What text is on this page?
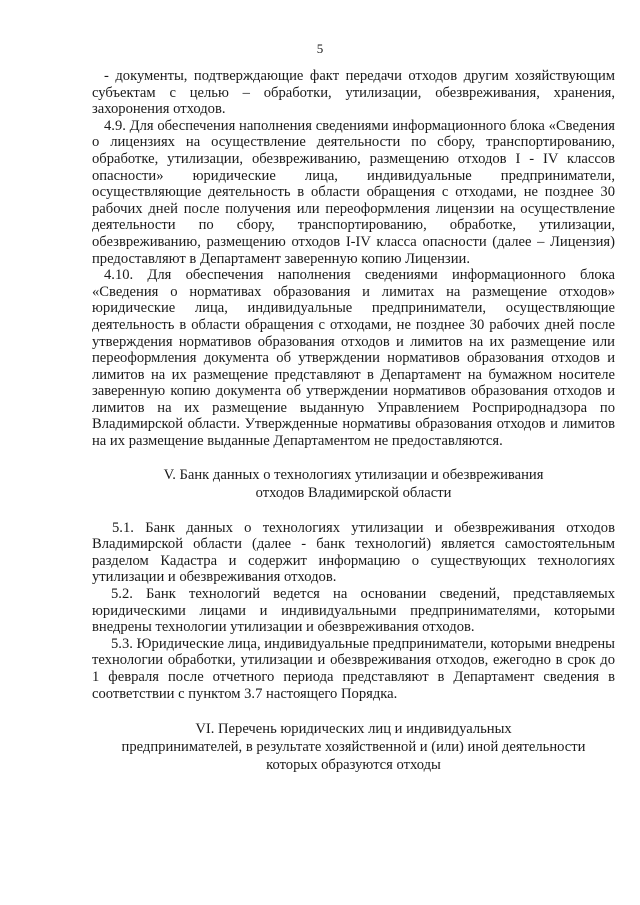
5

- документы, подтверждающие факт передачи отходов другим хозяйствующим субъектам с целью – обработки, утилизации, обезвреживания, хранения, захоронения отходов.

4.9. Для обеспечения наполнения сведениями информационного блока «Сведения о лицензиях на осуществление деятельности по сбору, транспортированию, обработке, утилизации, обезвреживанию, размещению отходов I - IV классов опасности» юридические лица, индивидуальные предприниматели, осуществляющие деятельность в области обращения с отходами, не позднее 30 рабочих дней после получения или переоформления лицензии на осуществление деятельности по сбору, транспортированию, обработке, утилизации, обезвреживанию, размещению отходов I-IV класса опасности (далее – Лицензия) предоставляют в Департамент заверенную копию Лицензии.

4.10. Для обеспечения наполнения сведениями информационного блока «Сведения о нормативах образования и лимитах на размещение отходов» юридические лица, индивидуальные предприниматели, осуществляющие деятельность в области обращения с отходами, не позднее 30 рабочих дней после утверждения нормативов образования отходов и лимитов на их размещение или переоформления документа об утверждении нормативов образования отходов и лимитов на их размещение представляют в Департамент на бумажном носителе заверенную копию документа об утверждении нормативов образования отходов и лимитов на их размещение выданную Управлением Росприроднадзора по Владимирской области. Утвержденные нормативы образования отходов и лимитов на их размещение выданные Департаментом не предоставляются.

V. Банк данных о технологиях утилизации и обезвреживания
отходов Владимирской области

5.1. Банк данных о технологиях утилизации и обезвреживания отходов Владимирской области (далее - банк технологий) является самостоятельным разделом Кадастра и содержит информацию о существующих технологиях утилизации и обезвреживания отходов.

5.2. Банк технологий ведется на основании сведений, представляемых юридическими лицами и индивидуальными предпринимателями, которыми внедрены технологии утилизации и обезвреживания отходов.

5.3. Юридические лица, индивидуальные предприниматели, которыми внедрены технологии обработки, утилизации и обезвреживания отходов, ежегодно в срок до 1 февраля после отчетного периода представляют в Департамент сведения в соответствии с пунктом 3.7 настоящего Порядка.

VI. Перечень юридических лиц и индивидуальных
предпринимателей, в результате хозяйственной и (или) иной деятельности
которых образуются отходы
